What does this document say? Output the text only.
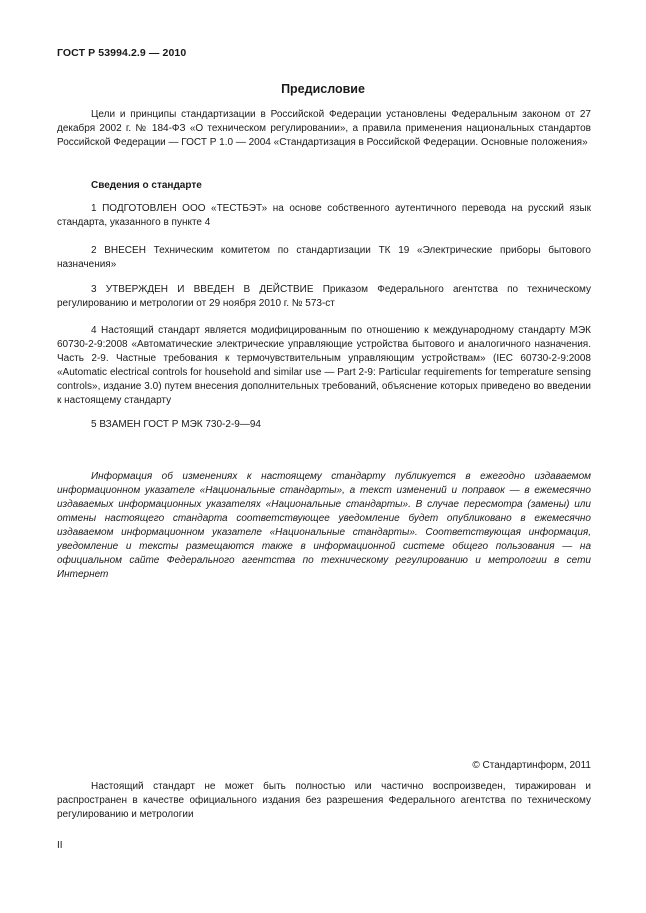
ГОСТ Р 53994.2.9 — 2010
Предисловие
Цели и принципы стандартизации в Российской Федерации установлены Федеральным законом от 27 декабря 2002 г. № 184-ФЗ «О техническом регулировании», а правила применения национальных стандартов Российской Федерации — ГОСТ Р 1.0 — 2004 «Стандартизация в Российской Федерации. Основные положения»
Сведения о стандарте
1 ПОДГОТОВЛЕН ООО «ТЕСТБЭТ» на основе собственного аутентичного перевода на русский язык стандарта, указанного в пункте 4
2 ВНЕСЕН Техническим комитетом по стандартизации ТК 19 «Электрические приборы бытового назначения»
3 УТВЕРЖДЕН И ВВЕДЕН В ДЕЙСТВИЕ Приказом Федерального агентства по техническому регулированию и метрологии от 29 ноября 2010 г. № 573-ст
4 Настоящий стандарт является модифицированным по отношению к международному стандарту МЭК 60730-2-9:2008 «Автоматические электрические управляющие устройства бытового и аналогичного назначения. Часть 2-9. Частные требования к термочувствительным управляющим устройствам» (IEC 60730-2-9:2008 «Automatic electrical controls for household and similar use — Part 2-9: Particular requirements for temperature sensing controls», издание 3.0) путем внесения дополнительных требований, объяснение которых приведено во введении к настоящему стандарту
5 ВЗАМЕН ГОСТ Р МЭК 730-2-9—94
Информация об изменениях к настоящему стандарту публикуется в ежегодно издаваемом информационном указателе «Национальные стандарты», а текст изменений и поправок — в ежемесячно издаваемых информационных указателях «Национальные стандарты». В случае пересмотра (замены) или отмены настоящего стандарта соответствующее уведомление будет опубликовано в ежемесячно издаваемом информационном указателе «Национальные стандарты». Соответствующая информация, уведомление и тексты размещаются также в информационной системе общего пользования — на официальном сайте Федерального агентства по техническому регулированию и метрологии в сети Интернет
© Стандартинформ, 2011
Настоящий стандарт не может быть полностью или частично воспроизведен, тиражирован и распространен в качестве официального издания без разрешения Федерального агентства по техническому регулированию и метрологии
II
